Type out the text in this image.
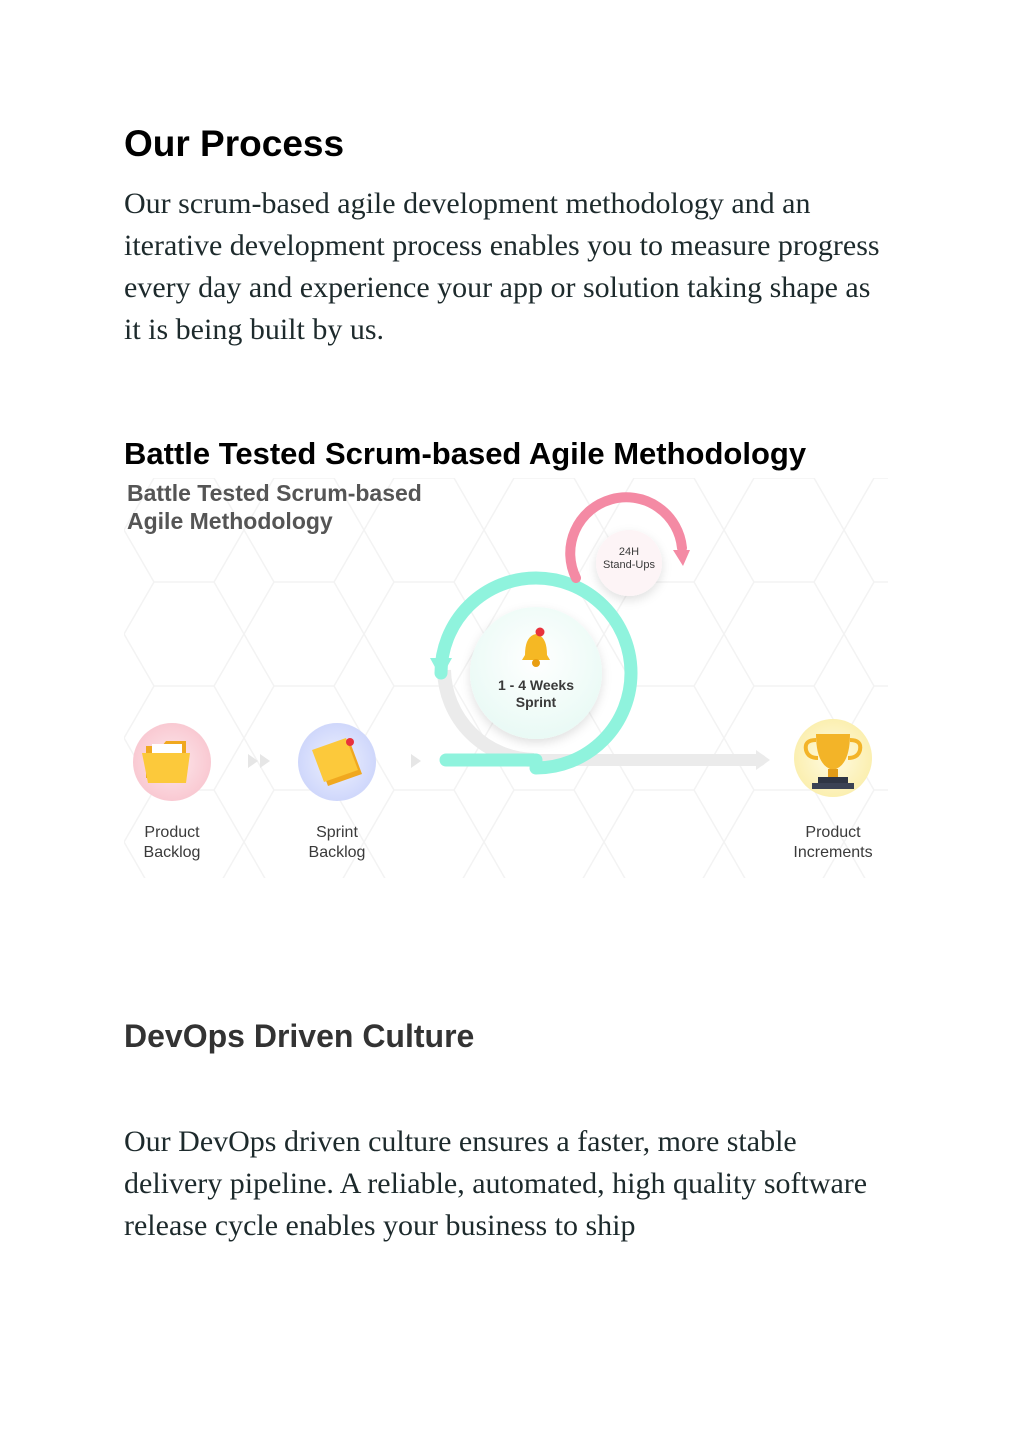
Our Process

Our scrum-based agile development methodology and an iterative development process enables you to measure progress every day and experience your app or solution taking shape as it is being built by us.

Battle Tested Scrum-based Agile Methodology
Battle Tested Scrum-based
Agile Methodology
24H
Stand-Ups
1 - 4 Weeks
Sprint
Product
Backlog
Sprint
Backlog
Product
Increments
DevOps Driven Culture

Our DevOps driven culture ensures a faster, more stable delivery pipeline. A reliable, automated, high quality software release cycle enables your business to ship
